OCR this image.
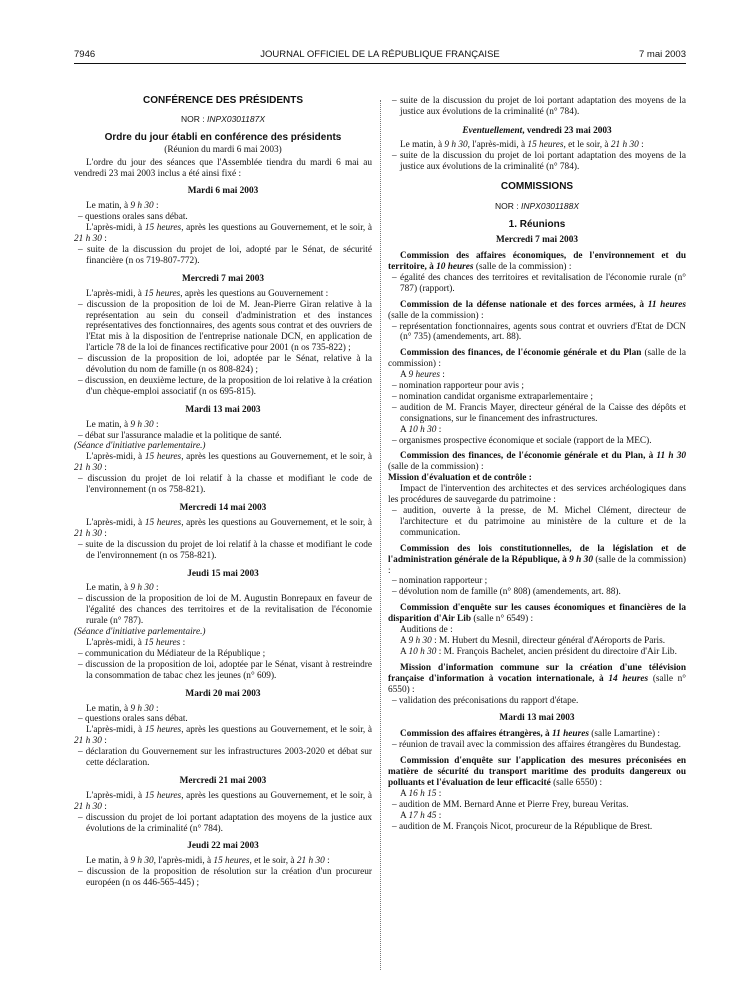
7946	JOURNAL OFFICIEL DE LA RÉPUBLIQUE FRANÇAISE	7 mai 2003

CONFÉRENCE DES PRÉSIDENTS

NOR : INPX0301187X

Ordre du jour établi en conférence des présidents

(Réunion du mardi 6 mai 2003)

L'ordre du jour des séances que l'Assemblée tiendra du mardi 6 mai au vendredi 23 mai 2003 inclus a été ainsi fixé :

Mardi 6 mai 2003

Le matin, à 9 h 30 :

– questions orales sans débat.

L'après-midi, à 15 heures, après les questions au Gouvernement, et le soir, à 21 h 30 :

– suite de la discussion du projet de loi, adopté par le Sénat, de sécurité financière (n os 719-807-772).

Mercredi 7 mai 2003

L'après-midi, à 15 heures, après les questions au Gouvernement :

– discussion de la proposition de loi de M. Jean-Pierre Giran relative à la représentation au sein du conseil d'administration et des instances représentatives des fonctionnaires, des agents sous contrat et des ouvriers de l'Etat mis à la disposition de l'entreprise nationale DCN, en application de l'article 78 de la loi de finances rectificative pour 2001 (n os 735-822) ;

– discussion de la proposition de loi, adoptée par le Sénat, relative à la dévolution du nom de famille (n os 808-824) ;

– discussion, en deuxième lecture, de la proposition de loi relative à la création d'un chèque-emploi associatif (n os 695-815).

Mardi 13 mai 2003

Le matin, à 9 h 30 :

– débat sur l'assurance maladie et la politique de santé.

(Séance d'initiative parlementaire.)

L'après-midi, à 15 heures, après les questions au Gouvernement, et le soir, à 21 h 30 :

– discussion du projet de loi relatif à la chasse et modifiant le code de l'environnement (n os 758-821).

Mercredi 14 mai 2003

L'après-midi, à 15 heures, après les questions au Gouvernement, et le soir, à 21 h 30 :

– suite de la discussion du projet de loi relatif à la chasse et modifiant le code de l'environnement (n os 758-821).

Jeudi 15 mai 2003

Le matin, à 9 h 30 :

– discussion de la proposition de loi de M. Augustin Bonrepaux en faveur de l'égalité des chances des territoires et de la revitalisation de l'économie rurale (n° 787).

(Séance d'initiative parlementaire.)

L'après-midi, à 15 heures :

– communication du Médiateur de la République ;

– discussion de la proposition de loi, adoptée par le Sénat, visant à restreindre la consommation de tabac chez les jeunes (n° 609).

Mardi 20 mai 2003

Le matin, à 9 h 30 :

– questions orales sans débat.

L'après-midi, à 15 heures, après les questions au Gouvernement, et le soir, à 21 h 30 :

– déclaration du Gouvernement sur les infrastructures 2003-2020 et débat sur cette déclaration.

Mercredi 21 mai 2003

L'après-midi, à 15 heures, après les questions au Gouvernement, et le soir, à 21 h 30 :

– discussion du projet de loi portant adaptation des moyens de la justice aux évolutions de la criminalité (n° 784).

Jeudi 22 mai 2003

Le matin, à 9 h 30, l'après-midi, à 15 heures, et le soir, à 21 h 30 :

– discussion de la proposition de résolution sur la création d'un procureur européen (n os 446-565-445) ;

– suite de la discussion du projet de loi portant adaptation des moyens de la justice aux évolutions de la criminalité (n° 784).

Eventuellement, vendredi 23 mai 2003

Le matin, à 9 h 30, l'après-midi, à 15 heures, et le soir, à 21 h 30 :

– suite de la discussion du projet de loi portant adaptation des moyens de la justice aux évolutions de la criminalité (n° 784).

COMMISSIONS

NOR : INPX0301188X

1. Réunions

Mercredi 7 mai 2003

Commission des affaires économiques, de l'environnement et du territoire, à 10 heures (salle de la commission) :

– égalité des chances des territoires et revitalisation de l'économie rurale (n° 787) (rapport).

Commission de la défense nationale et des forces armées, à 11 heures (salle de la commission) :

– représentation fonctionnaires, agents sous contrat et ouvriers d'Etat de DCN (n° 735) (amendements, art. 88).

Commission des finances, de l'économie générale et du Plan (salle de la commission) :

A 9 heures :

– nomination rapporteur pour avis ;

– nomination candidat organisme extraparlementaire ;

– audition de M. Francis Mayer, directeur général de la Caisse des dépôts et consignations, sur le financement des infrastructures.

A 10 h 30 :

– organismes prospective économique et sociale (rapport de la MEC).

Commission des finances, de l'économie générale et du Plan, à 11 h 30 (salle de la commission) :

Mission d'évaluation et de contrôle :

Impact de l'intervention des architectes et des services archéologiques dans les procédures de sauvegarde du patrimoine :

– audition, ouverte à la presse, de M. Michel Clément, directeur de l'architecture et du patrimoine au ministère de la culture et de la communication.

Commission des lois constitutionnelles, de la législation et de l'administration générale de la République, à 9 h 30 (salle de la commission) :

– nomination rapporteur ;

– dévolution nom de famille (n° 808) (amendements, art. 88).

Commission d'enquête sur les causes économiques et financières de la disparition d'Air Lib (salle n° 6549) :

Auditions de :

A 9 h 30 : M. Hubert du Mesnil, directeur général d'Aéroports de Paris.

A 10 h 30 : M. François Bachelet, ancien président du directoire d'Air Lib.

Mission d'information commune sur la création d'une télévision française d'information à vocation internationale, à 14 heures (salle n° 6550) :

– validation des préconisations du rapport d'étape.

Mardi 13 mai 2003

Commission des affaires étrangères, à 11 heures (salle Lamartine) :

– réunion de travail avec la commission des affaires étrangères du Bundestag.

Commission d'enquête sur l'application des mesures préconisées en matière de sécurité du transport maritime des produits dangereux ou polluants et l'évaluation de leur efficacité (salle 6550) :

A 16 h 15 :

– audition de MM. Bernard Anne et Pierre Frey, bureau Veritas.

A 17 h 45 :

– audition de M. François Nicot, procureur de la République de Brest.
